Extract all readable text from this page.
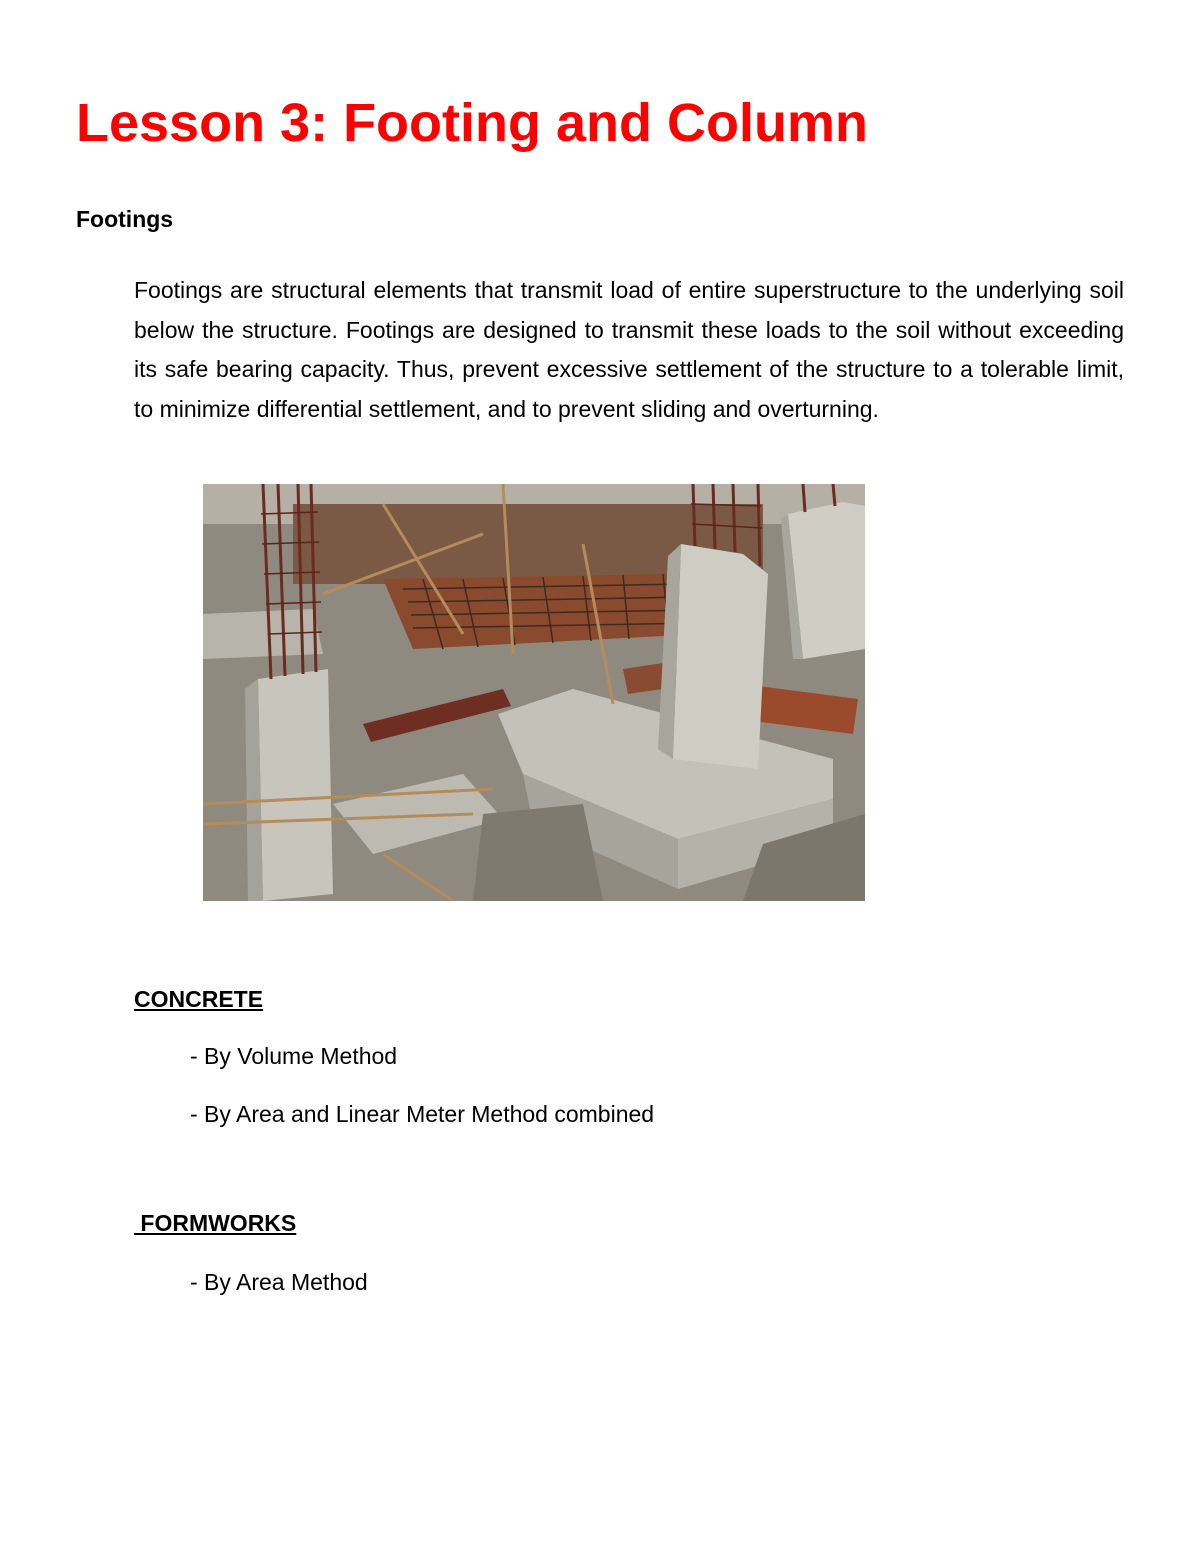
Lesson 3: Footing and Column
Footings

Footings are structural elements that transmit load of entire superstructure to the underlying soil below the structure. Footings are designed to transmit these loads to the soil without exceeding its safe bearing capacity. Thus, prevent excessive settlement of the structure to a tolerable limit, to minimize differential settlement, and to prevent sliding and overturning.

CONCRETE
- By Volume Method
- By Area and Linear Meter Method combined
FORMWORKS
- By Area Method
